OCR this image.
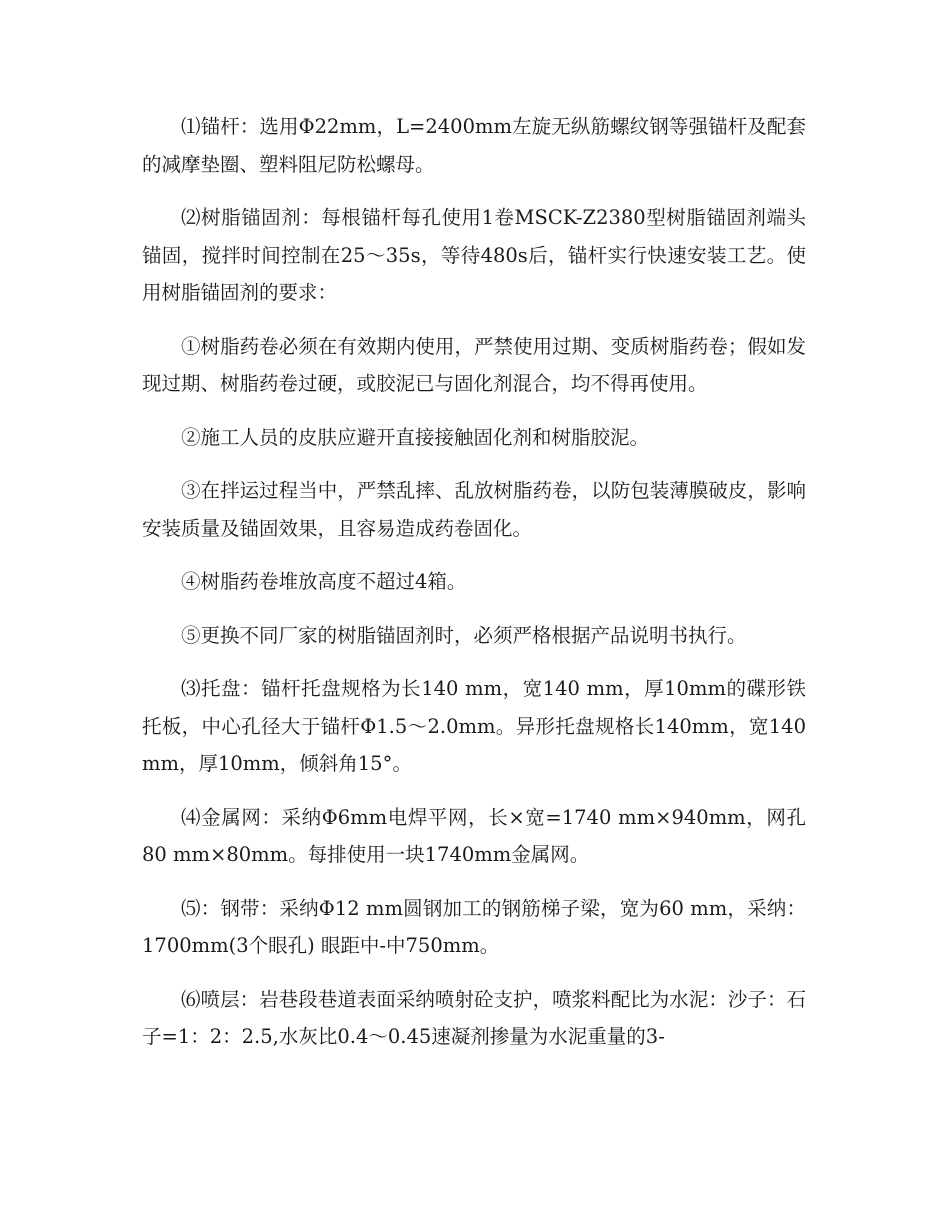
⑴锚杆：选用Φ22mm，L=2400mm左旋无纵筋螺纹钢等强锚杆及配套的减摩垫圈、塑料阻尼防松螺母。

⑵树脂锚固剂：每根锚杆每孔使用1卷MSCK-Z2380型树脂锚固剂端头锚固，搅拌时间控制在25～35s，等待480s后，锚杆实行快速安装工艺。使用树脂锚固剂的要求：

①树脂药卷必须在有效期内使用，严禁使用过期、变质树脂药卷；假如发现过期、树脂药卷过硬，或胶泥已与固化剂混合，均不得再使用。

②施工人员的皮肤应避开直接接触固化剂和树脂胶泥。

③在拌运过程当中，严禁乱摔、乱放树脂药卷，以防包装薄膜破皮，影响安装质量及锚固效果，且容易造成药卷固化。

④树脂药卷堆放高度不超过4箱。

⑤更换不同厂家的树脂锚固剂时，必须严格根据产品说明书执行。

⑶托盘：锚杆托盘规格为长140 mm，宽140 mm，厚10mm的碟形铁托板，中心孔径大于锚杆Φ1.5～2.0mm。异形托盘规格长140mm，宽140 mm，厚10mm，倾斜角15°。

⑷金属网：采纳Φ6mm电焊平网，长×宽=1740 mm×940mm，网孔80 mm×80mm。每排使用一块1740mm金属网。

⑸：钢带：采纳Φ12 mm圆钢加工的钢筋梯子梁，宽为60 mm，采纳：1700mm(3个眼孔) 眼距中-中750mm。

⑹喷层：岩巷段巷道表面采纳喷射砼支护，喷浆料配比为水泥：沙子：石子=1：2：2.5,水灰比0.4～0.45速凝剂掺量为水泥重量的3-
